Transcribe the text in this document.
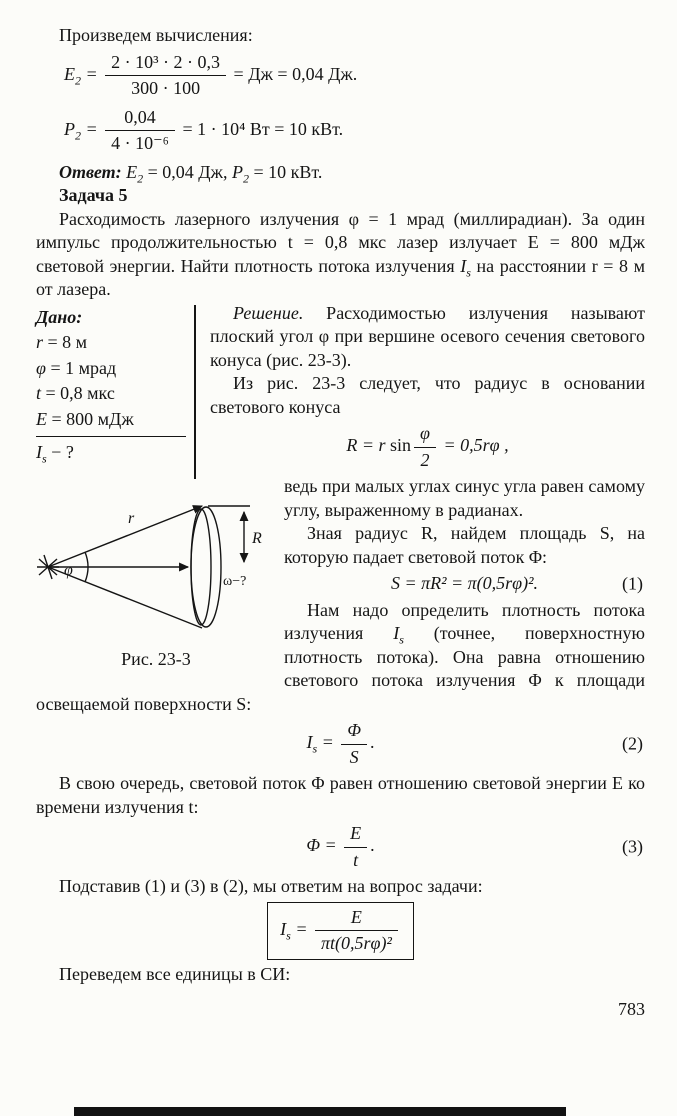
Произведем вычисления:

$E_2 = \frac{\text{2 · 10³ · 2 · 0,3}}{300 \cdot 100}$ = Дж = 0,04 Дж.
$P_2 = \frac{0,04}{\text{4 · 10⁻⁶}} = 1 \cdot 10^4$ Вт = 10 кВт.

Ответ: $E_2 = 0,04$ Дж, $P_2 = 10$ кВт.

Задача 5

Расходимость лазерного излучения φ = 1 мрад (миллирадиан). За один импульс продолжительностью t = 0,8 мкс лазер излучает E = 800 мДж световой энергии. Найти плотность потока излучения $I_s$ на расстоянии r = 8 м от лазера.

Дано:
r = 8 м
φ = 1 мрад
t = 0,8 мкс
E = 800 мДж
$I_s$ − ?

Решение. Расходимостью излучения называют плоский угол φ при вершине осевого сечения светового конуса (рис. 23-3).

Из рис. 23-3 следует, что радиус в основании светового конуса

r
φ
R
ω−?
Рис. 23-3
R = r $\sin \frac{\varphi}{2} = 0,5r\varphi$ ,

ведь при малых углах синус угла равен самому углу, выраженному в радианах.

Зная радиус R, найдем площадь S, на которую падает световой поток Φ:

S = πR² = π(0,5rφ)².	(1)

Нам надо определить плотность потока излучения $I_s$ (точнее, поверхностную плотность потока). Она равна отношению светового потока излучения Φ к площади освещаемой поверхности S:

$I_s = \frac{\Phi}{S}$ .	(2)

В свою очередь, световой поток Φ равен отношению световой энергии E ко времени излучения t:

$\Phi = \frac{E}{t}$ .	(3)

Подставив (1) и (3) в (2), мы ответим на вопрос задачи:

$I_s = \frac{E}{\text{πt(0,5rφ)²}}$

Переведем все единицы в СИ:

783
